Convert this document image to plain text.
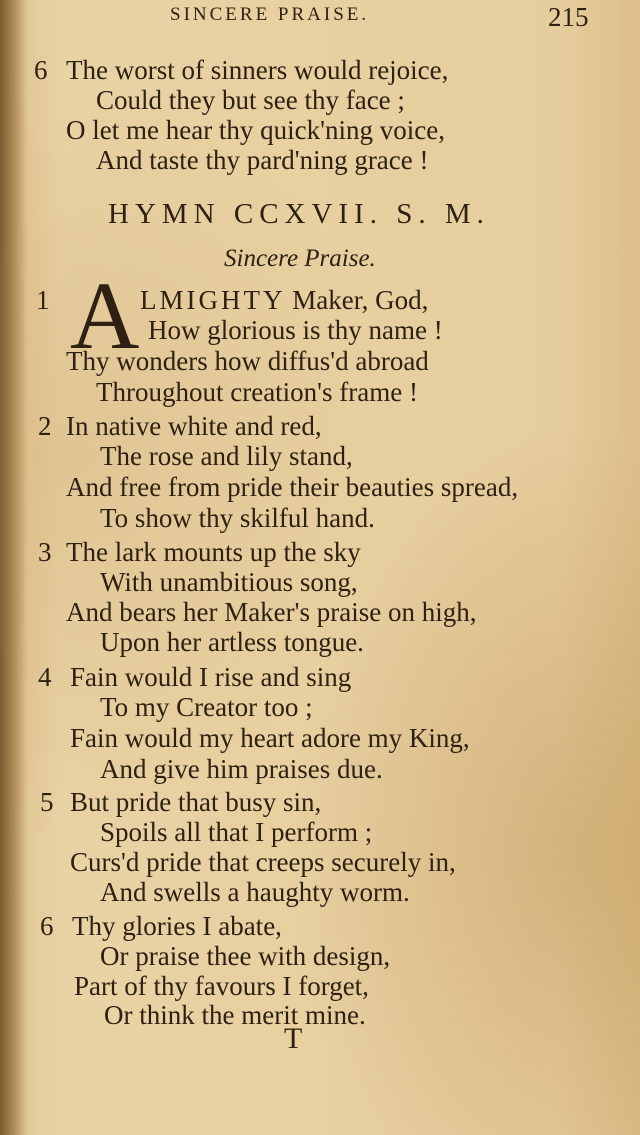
SINCERE PRAISE.	215
6 The worst of sinners would rejoice,
Could they but see thy face ;
O let me hear thy quick'ning voice,
And taste thy pard'ning grace !
HYMN CCXVII. S. M.
Sincere Praise.
1 A LMIGHTY Maker, God,
How glorious is thy name !
Thy wonders how diffus'd abroad
Throughout creation's frame !
2 In native white and red,
The rose and lily stand,
And free from pride their beauties spread,
To show thy skilful hand.
3 The lark mounts up the sky
With unambitious song,
And bears her Maker's praise on high,
Upon her artless tongue.
4 Fain would I rise and sing
To my Creator too ;
Fain would my heart adore my King,
And give him praises due.
5 But pride that busy sin,
Spoils all that I perform ;
Curs'd pride that creeps securely in,
And swells a haughty worm.
6 Thy glories I abate,
Or praise thee with design,
Part of thy favours I forget,
Or think the merit mine.
T
